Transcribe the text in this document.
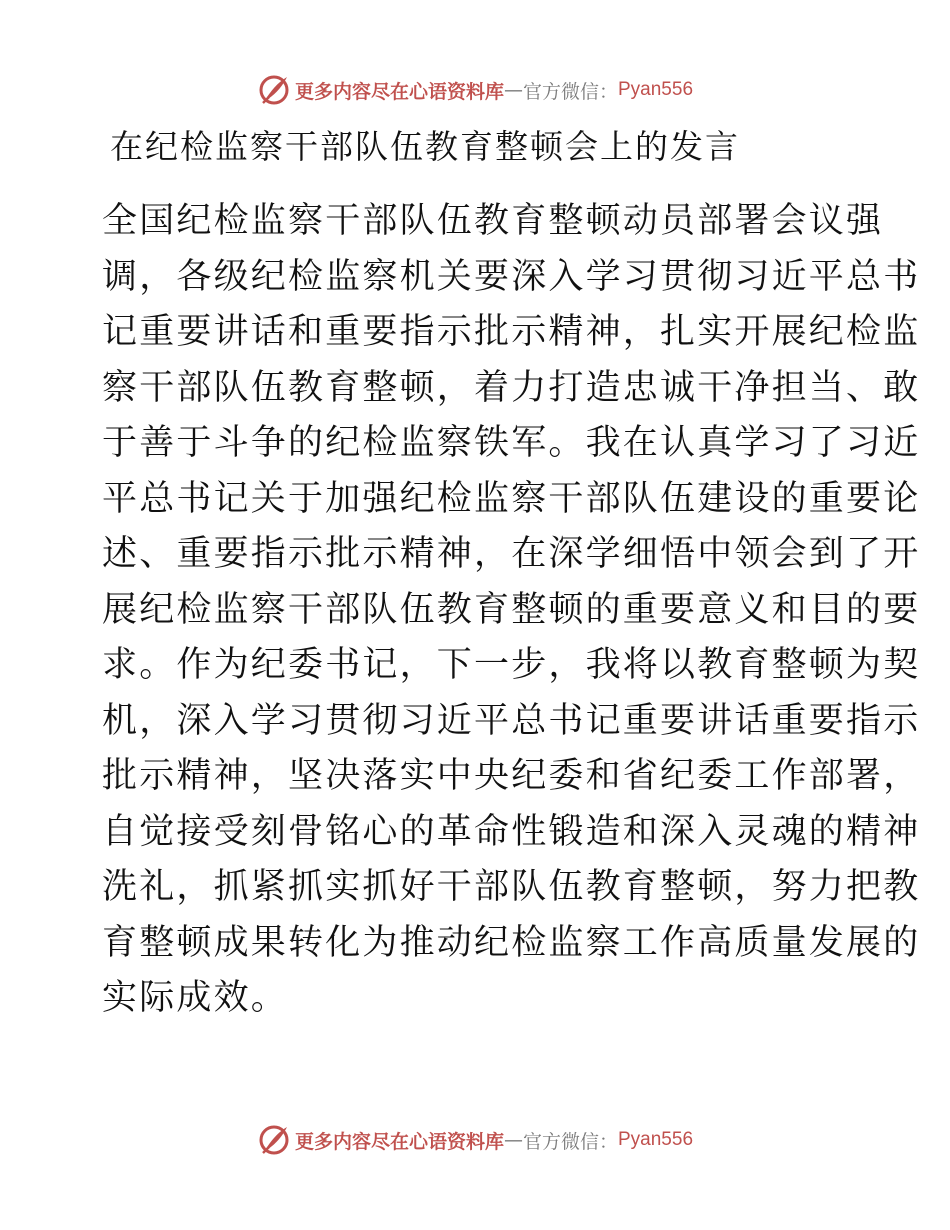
更多内容尽在心语资料库 — 官方微信： Pyan556
在纪检监察干部队伍教育整顿会上的发言
全国纪检监察干部队伍教育整顿动员部署会议强
调，各级纪检监察机关要深入学习贯彻习近平总书
记重要讲话和重要指示批示精神，扎实开展纪检监
察干部队伍教育整顿，着力打造忠诚干净担当、敢
于善于斗争的纪检监察铁军。我在认真学习了习近
平总书记关于加强纪检监察干部队伍建设的重要论
述、重要指示批示精神，在深学细悟中领会到了开
展纪检监察干部队伍教育整顿的重要意义和目的要
求。作为纪委书记，下一步，我将以教育整顿为契
机，深入学习贯彻习近平总书记重要讲话重要指示
批示精神，坚决落实中央纪委和省纪委工作部署，
自觉接受刻骨铭心的革命性锻造和深入灵魂的精神
洗礼，抓紧抓实抓好干部队伍教育整顿，努力把教
育整顿成果转化为推动纪检监察工作高质量发展的
实际成效。
更多内容尽在心语资料库 — 官方微信： Pyan556
